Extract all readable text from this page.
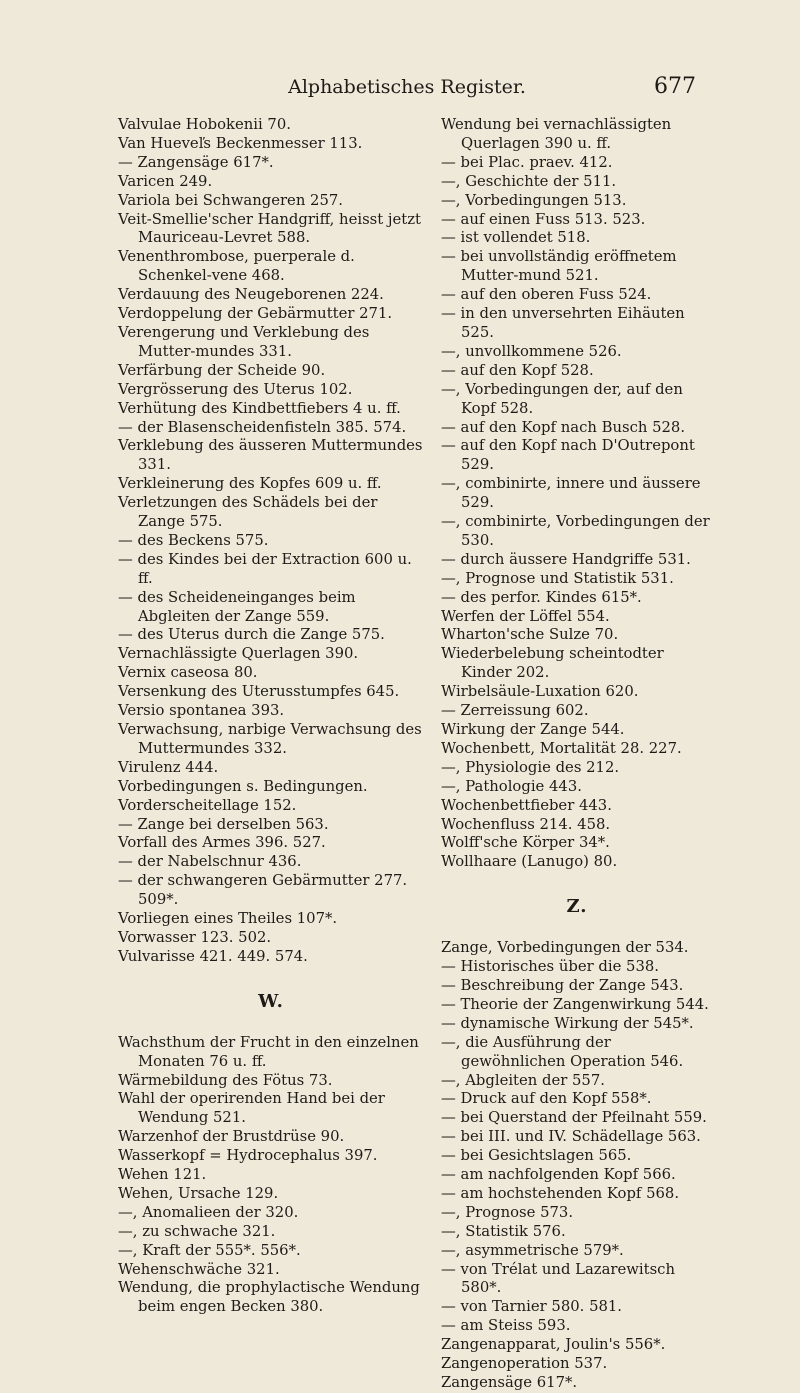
Alphabetisches Register.	677
Valvulae Hobokenii 70.
Van Hueveľs Beckenmesser 113.
— Zangensäge 617*.
Varicen 249.
Variola bei Schwangeren 257.
Veit-Smellie'scher Handgriff, heisst jetzt Mauriceau-Levret 588.
Venenthrombose, puerperale d. Schenkel-vene 468.
Verdauung des Neugeborenen 224.
Verdoppelung der Gebärmutter 271.
Verengerung und Verklebung des Mutter-mundes 331.
Verfärbung der Scheide 90.
Vergrösserung des Uterus 102.
Verhütung des Kindbettfiebers 4 u. ff.
— der Blasenscheidenfisteln 385. 574.
Verklebung des äusseren Muttermundes 331.
Verkleinerung des Kopfes 609 u. ff.
Verletzungen des Schädels bei der Zange 575.
— des Beckens 575.
— des Kindes bei der Extraction 600 u. ff.
— des Scheideneinganges beim Abgleiten der Zange 559.
— des Uterus durch die Zange 575.
Vernachlässigte Querlagen 390.
Vernix caseosa 80.
Versenkung des Uterusstumpfes 645.
Versio spontanea 393.
Verwachsung, narbige Verwachsung des Muttermundes 332.
Virulenz 444.
Vorbedingungen s. Bedingungen.
Vorderscheitellage 152.
— Zange bei derselben 563.
Vorfall des Armes 396. 527.
— der Nabelschnur 436.
— der schwangeren Gebärmutter 277. 509*.
Vorliegen eines Theiles 107*.
Vorwasser 123. 502.
Vulvarisse 421. 449. 574.
W.
Wachsthum der Frucht in den einzelnen Monaten 76 u. ff.
Wärmebildung des Fötus 73.
Wahl der operirenden Hand bei der Wendung 521.
Warzenhof der Brustdrüse 90.
Wasserkopf = Hydrocephalus 397.
Wehen 121.
Wehen, Ursache 129.
—, Anomalieen der 320.
—, zu schwache 321.
—, Kraft der 555*. 556*.
Wehenschwäche 321.
Wendung, die prophylactische Wendung beim engen Becken 380.
Wendung bei vernachlässigten Querlagen 390 u. ff.
— bei Plac. praev. 412.
—, Geschichte der 511.
—, Vorbedingungen 513.
— auf einen Fuss 513. 523.
— ist vollendet 518.
— bei unvollständig eröffnetem Mutter-mund 521.
— auf den oberen Fuss 524.
— in den unversehrten Eihäuten 525.
—, unvollkommene 526.
— auf den Kopf 528.
—, Vorbedingungen der, auf den Kopf 528.
— auf den Kopf nach Busch 528.
— auf den Kopf nach D'Outrepont 529.
—, combinirte, innere und äussere 529.
—, combinirte, Vorbedingungen der 530.
— durch äussere Handgriffe 531.
—, Prognose und Statistik 531.
— des perfor. Kindes 615*.
Werfen der Löffel 554.
Wharton'sche Sulze 70.
Wiederbelebung scheintodter Kinder 202.
Wirbelsäule-Luxation 620.
— Zerreissung 602.
Wirkung der Zange 544.
Wochenbett, Mortalität 28. 227.
—, Physiologie des 212.
—, Pathologie 443.
Wochenbettfieber 443.
Wochenfluss 214. 458.
Wolff'sche Körper 34*.
Wollhaare (Lanugo) 80.
Z.
Zange, Vorbedingungen der 534.
— Historisches über die 538.
— Beschreibung der Zange 543.
— Theorie der Zangenwirkung 544.
— dynamische Wirkung der 545*.
—, die Ausführung der gewöhnlichen Operation 546.
—, Abgleiten der 557.
— Druck auf den Kopf 558*.
— bei Querstand der Pfeilnaht 559.
— bei III. und IV. Schädellage 563.
— bei Gesichtslagen 565.
— am nachfolgenden Kopf 566.
— am hochstehenden Kopf 568.
—, Prognose 573.
—, Statistik 576.
—, asymmetrische 579*.
— von Trélat und Lazarewitsch 580*.
— von Tarnier 580. 581.
— am Steiss 593.
Zangenapparat, Joulin's 556*.
Zangenoperation 537.
Zangensäge 617*.
